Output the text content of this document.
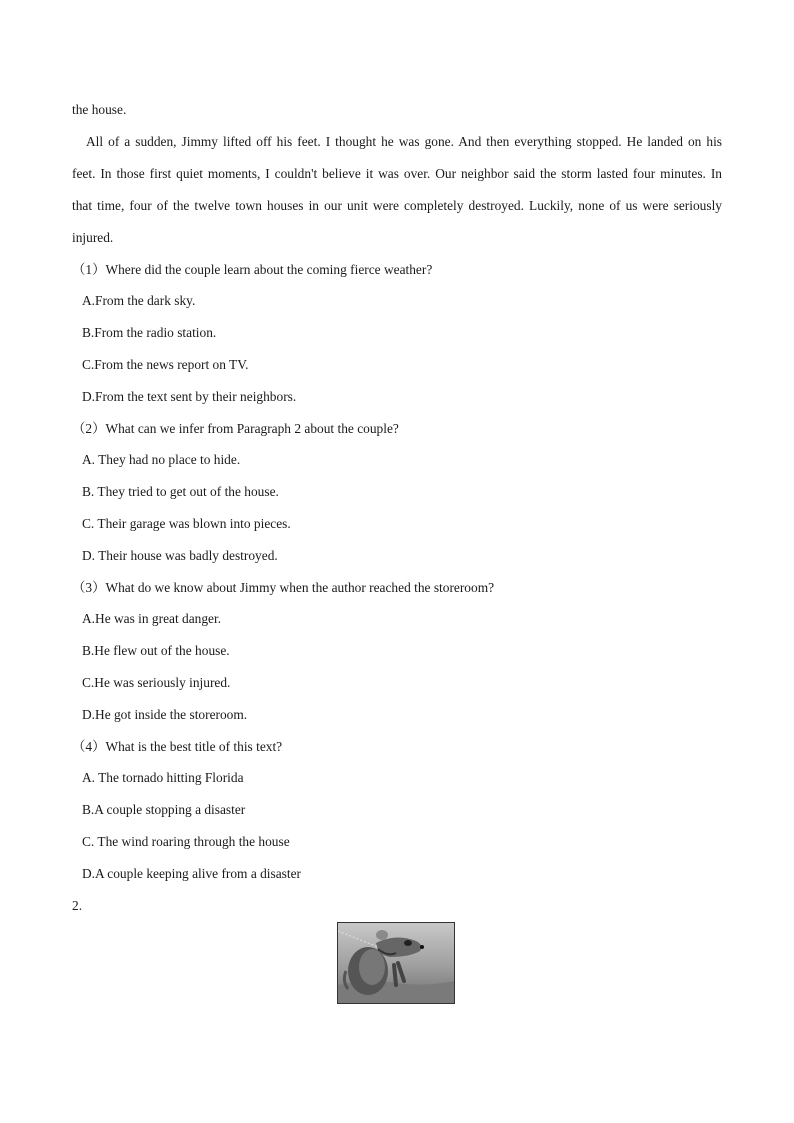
the house.
All of a sudden, Jimmy lifted off his feet. I thought he was gone. And then everything stopped. He landed on his
feet. In those first quiet moments, I couldn't believe it was over. Our neighbor said the storm lasted four minutes. In
that time, four of the twelve town houses in our unit were completely destroyed. Luckily, none of us were seriously
injured.
（1）Where did the couple learn about the coming fierce weather?
A.From the dark sky.
B.From the radio station.
C.From the news report on TV.
D.From the text sent by their neighbors.
（2）What can we infer from Paragraph 2 about the couple?
A. They had no place to hide.
B. They tried to get out of the house.
C. Their garage was blown into pieces.
D. Their house was badly destroyed.
（3）What do we know about Jimmy when the author reached the storeroom?
A.He was in great danger.
B.He flew out of the house.
C.He was seriously injured.
D.He got inside the storeroom.
（4）What is the best title of this text?
A. The tornado hitting Florida
B.A couple stopping a disaster
C. The wind roaring through the house
D.A couple keeping alive from a disaster
2.
